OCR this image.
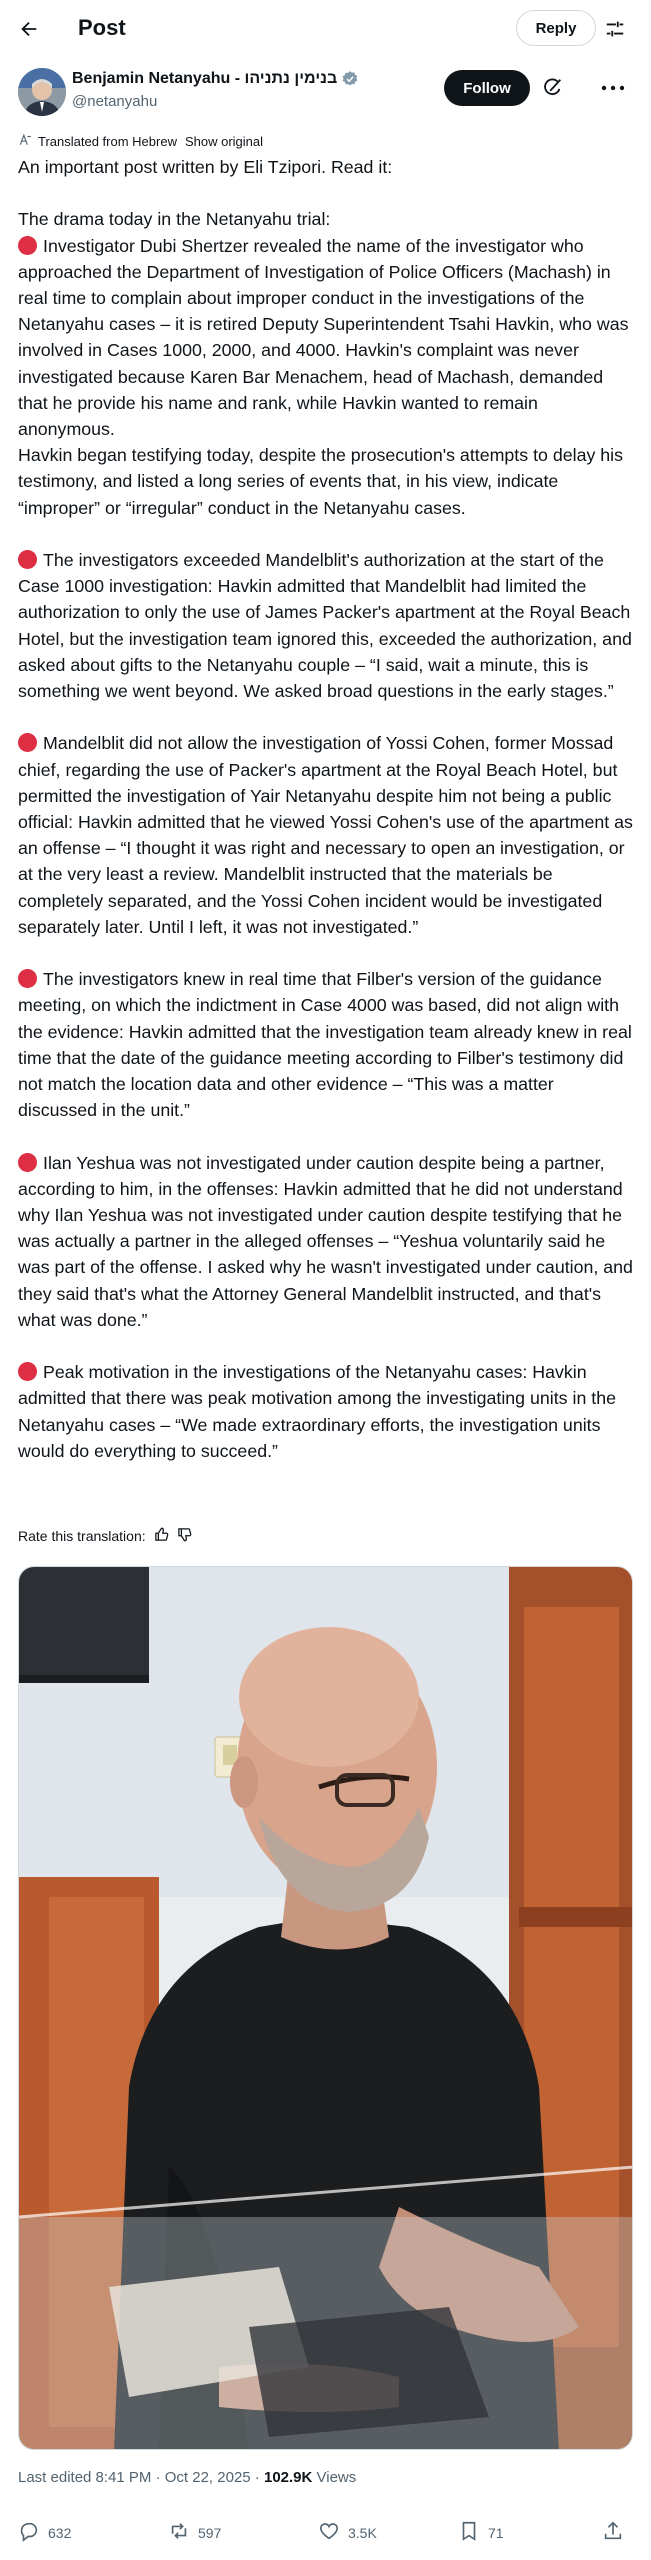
Post	Reply
Benjamin Netanyahu - בנימין נתניהו
@netanyahu
Follow
Translated from Hebrew Show original

An important post written by Eli Tzipori. Read it:

The drama today in the Netanyahu trial:

Investigator Dubi Shertzer revealed the name of the investigator who approached the Department of Investigation of Police Officers (Machash) in real time to complain about improper conduct in the investigations of the Netanyahu cases – it is retired Deputy Superintendent Tsahi Havkin, who was involved in Cases 1000, 2000, and 4000. Havkin's complaint was never investigated because Karen Bar Menachem, head of Machash, demanded that he provide his name and rank, while Havkin wanted to remain anonymous.

Havkin began testifying today, despite the prosecution's attempts to delay his testimony, and listed a long series of events that, in his view, indicate “improper” or “irregular” conduct in the Netanyahu cases.

The investigators exceeded Mandelblit's authorization at the start of the Case 1000 investigation: Havkin admitted that Mandelblit had limited the authorization to only the use of James Packer's apartment at the Royal Beach Hotel, but the investigation team ignored this, exceeded the authorization, and asked about gifts to the Netanyahu couple – “I said, wait a minute, this is something we went beyond. We asked broad questions in the early stages.”

Mandelblit did not allow the investigation of Yossi Cohen, former Mossad chief, regarding the use of Packer's apartment at the Royal Beach Hotel, but permitted the investigation of Yair Netanyahu despite him not being a public official: Havkin admitted that he viewed Yossi Cohen's use of the apartment as an offense – “I thought it was right and necessary to open an investigation, or at the very least a review. Mandelblit instructed that the materials be completely separated, and the Yossi Cohen incident would be investigated separately later. Until I left, it was not investigated.”

The investigators knew in real time that Filber's version of the guidance meeting, on which the indictment in Case 4000 was based, did not align with the evidence: Havkin admitted that the investigation team already knew in real time that the date of the guidance meeting according to Filber's testimony did not match the location data and other evidence – “This was a matter discussed in the unit.”

Ilan Yeshua was not investigated under caution despite being a partner, according to him, in the offenses: Havkin admitted that he did not understand why Ilan Yeshua was not investigated under caution despite testifying that he was actually a partner in the alleged offenses – “Yeshua voluntarily said he was part of the offense. I asked why he wasn't investigated under caution, and they said that's what the Attorney General Mandelblit instructed, and that's what was done.”

Peak motivation in the investigations of the Netanyahu cases: Havkin admitted that there was peak motivation among the investigating units in the Netanyahu cases – “We made extraordinary efforts, the investigation units would do everything to succeed.”

Rate this translation:
Last edited 8:41 PM · Oct 22, 2025 · 102.9K Views
632	597	3.5K	71
